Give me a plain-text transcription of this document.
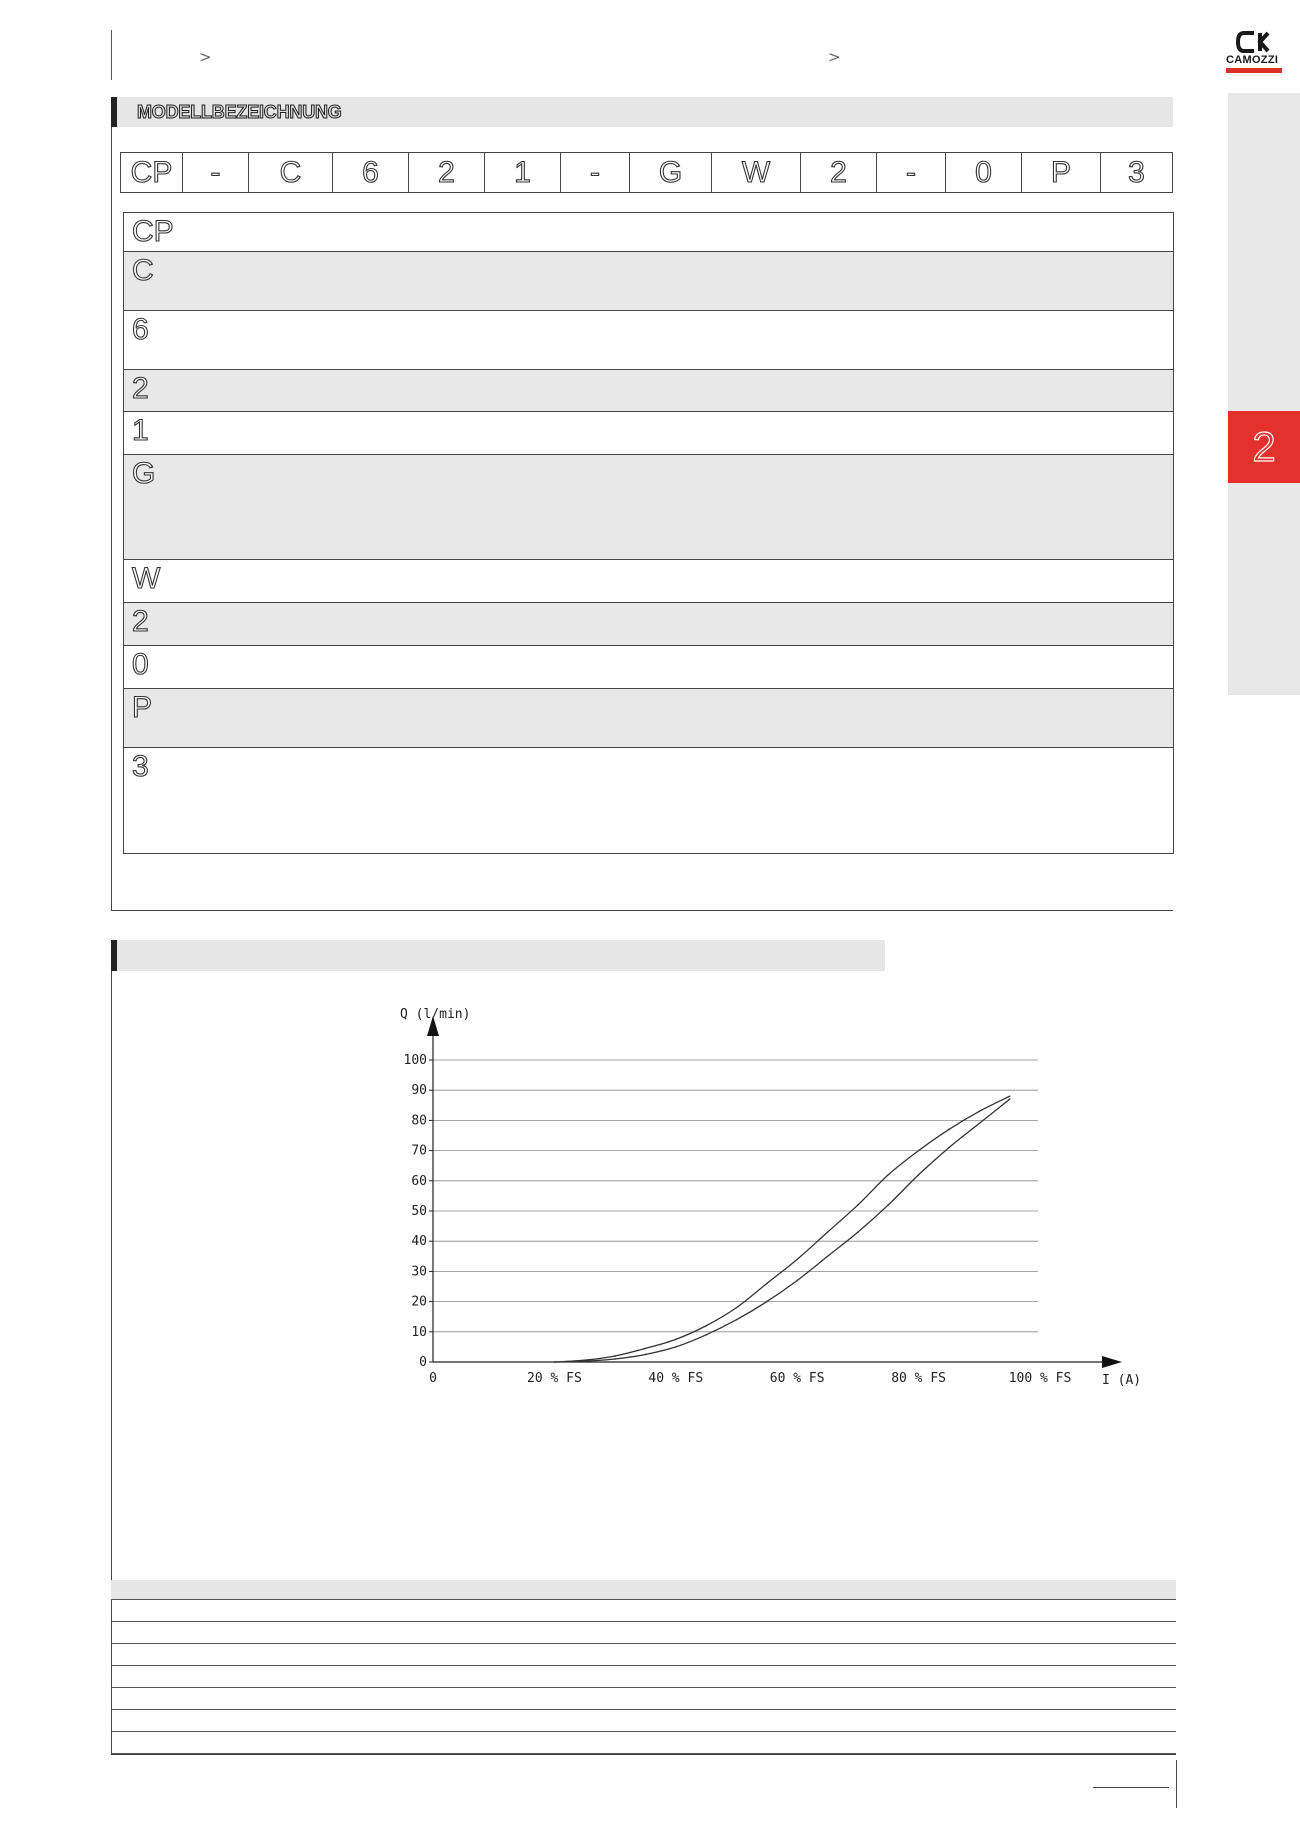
>	>	CAMOZZI
2
MODELLBEZEICHNUNG
CP	-	C	6	2	1	-	G	W	2	-	0	P	3
CP
C
6
2
1
G
W
2
0
P
3
0
10
20
30
40
50
60
70
80
90
100
0	20 % FS	40 % FS	60 % FS	80 % FS	100 % FS
Q (l/min)
I (A)
